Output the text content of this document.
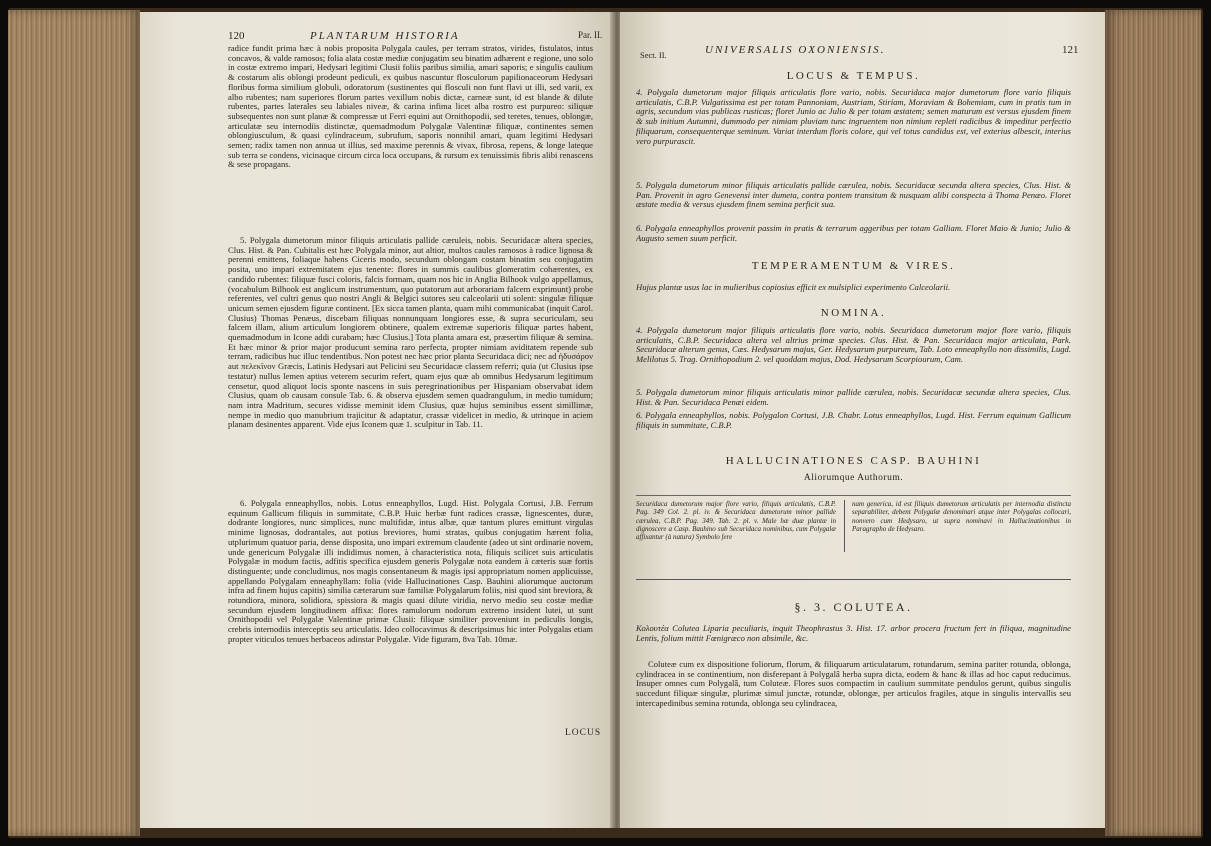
120	PLANTARUM HISTORIA	Par. II.
radice fundit prima hæc à nobis proposita Polygala caules, per terram stratos, virides, fistulatos, intus concavos, & valde ramosos; folia alata costæ mediæ conjugatim seu binatim adhærent e regione, uno solo in costæ extremo impari, Hedysari legitimi Clusii foliis paribus similia, amari saporis; e singulis caulium & costarum alis oblongi prodeunt pediculi, ex quibus nascuntur flosculorum papilionaceorum Hedysari floribus forma similium globuli, odoratorum (sustinentes qui flosculi non funt flavi ut illi, sed varii, ex albo rubentes; nam superiores florum partes vexillum nobis dictæ, carneæ sunt, id est blande & dilute rubentes, partes laterales seu labiales niveæ, & carina infima licet alba rostro est purpureo: siliquæ subsequentes non sunt planæ & compressæ ut Ferri equini aut Ornithopodii, sed teretes, tenues, oblongæ, articulatæ seu internodiis distinctæ, quemadmodum Polygalæ Valentinæ filiquæ, continentes semen oblongiusculum, & quasi cylindraceum, subrufum, saporis nonnihil amari, quam legitimi Hedysari semen; radix tamen non annua ut illius, sed maxime perennis & vivax, fibrosa, repens, & longe lateque sub terra se condens, vicinaque circum circa loca occupans, & rursum ex tenuissimis fibris alibi renascens & sese propagans.
5. Polygala dumetorum minor filiquis articulatis pallide cæruleis, nobis. Securidacæ altera species, Clus. Hist. & Pan. Cubitalis est hæc Polygala minor, aut altior, multos caules ramosos à radice lignosa & perenni emittens, foliaque habens Ciceris modo, secundum oblongam costam binatim seu conjugatim posita, uno impari extremitatem ejus tenente: flores in summis caulibus glomeratim cohærentes, ex candido rubentes: filiquæ fusci coloris, falcis formam, quam nos hic in Anglia Bilhook vulgo appellamus, (vocabulum Bilhook est anglicum instrumentum, quo putatorum aut arborariam falcem exprimunt) probe referentes, vel cultri genus quo nostri Angli & Belgici sutores seu calceolarii uti solent: singulæ filiquæ unicum semen ejusdem figuræ continent. [Ex sicca tamen planta, quam mihi communicabat (inquit Carol. Clusius) Thomas Penæus, discebam filiquas nonnunquam longiores esse, & supra securiculam, seu falcem illam, alium articulum longiorem obtinere, qualem extremæ superioris filiquæ partes habent, quemadmodum in Icone addi curabam; hæc Clusius.] Tota planta amara est, præsertim filiquæ & semina. Et hæc minor & prior major producunt semina raro perfecta, propter nimiam aviditatem repende sub terram, radicibus huc illuc tendentibus. Non potest nec hæc prior planta Securidaca dici; nec ad ἡδυσάρον aut πελεκῖνον Græcis, Latinis Hedysari aut Pelicini seu Securidacæ classem referri; quia (ut Clusius ipse testatur) nullus lemen aptius veterem securim refert, quam ejus quæ ab omnibus Hedysarum legitimum censetur, quod aliquot locis sponte nascens in suis peregrinationibus per Hispaniam observabat idem Clusius, quam ob causam consule Tab. 6. & observa ejusdem semen quadrangulum, in medio tumidum; nam intra Madritum, secures vidisse meminit idem Clusius, quæ hujus seminibus essent simillimæ, nempe in medio quo manubrium trajicitur & adaptatur, crassæ videlicet in medio, & utrinque in aciem planam desinentes apparent. Vide ejus Iconem quæ 1. sculpitur in Tab. 11.
6. Polygala enneaphyllos, nobis. Lotus enneaphyllos, Lugd. Hist. Polygala Cortusi, J.B. Ferrum equinum Gallicum filiquis in summitate, C.B.P. Huic herbæ funt radices crassæ, lignescentes, duræ, dodrante longiores, nunc simplices, nunc multifidæ, intus albæ, quæ tantum plures emittunt virgulas minime lignosas, dodrantales, aut potius breviores, humi stratas, quibus conjugatim hærent folia, utplurimum quatuor paria, dense disposita, uno impari extremum claudente (adeo ut sint ordinarie novem, unde genericum Polygalæ illi indidimus nomen, à characteristica nota, filiquis scilicet suis articulatis Polygalæ in modum factis, adfitis specifica ejusdem generis Polygalæ nota eandem à cæteris suæ fortis distinguente; unde concludimus, nos magis consentaneum & magis ipsi appropriatum nomen applicuisse, appellando Polygalam enneaphyllam: folia (vide Hallucinationes Casp. Bauhini aliorumque auctorum infra ad finem hujus capitis) similia cæterarum suæ familiæ Polygalarum foliis, nisi quod sint breviora, & rotundiora, minora, solidiora, spissiora & magis quasi dilute viridia, nervo medio seu costæ mediæ secundum ejusdem longitudinem affixa: flores ramulorum nodorum extremo insident lutei, ut sunt Ornithopodii vel Polygalæ Valentinæ primæ Clusii: filiquæ similiter proveniunt in pediculis longis, crebris internodiis interceptis seu articulatis. Ideo collocavimus & descripsimus hic inter Polygalas etiam propter viticulos tenues herbaceos adinstar Polygalæ. Vide figuram, 8va Tab. 10mæ.
LOCUS
Sect. II.	UNIVERSALIS OXONIENSIS.	121
LOCUS & TEMPUS.
4. Polygala dumetorum major filiquis articulatis flore vario, nobis. Securidaca major dumetorum flore vario filiquis articulatis, C.B.P. Vulgatissima est per totam Pannoniam, Austriam, Stiriam, Moraviam & Bohemiam, cum in pratis tum in agris, secundum vias publicas rusticas; floret Junio ac Julio & per totam æstatem; semen maturum est versus ejusdem finem & sub initium Autumni, dummodo per nimiam pluviam tunc ingruentem non nimium repleti radicibus & impeditur perfectio filiquarum, consequenterque seminum. Variat interdum floris colore, qui vel totus candidus est, vel exterius albescit, interius vero purpurascit.
5. Polygala dumetorum minor filiquis articulatis pallide cærulea, nobis. Securidacæ secunda altera species, Clus. Hist. & Pan. Provenit in agro Genevensi inter dumeta, contra pontem transitum & nusquam alibi conspecta à Thoma Penæo. Floret æstate media & versus ejusdem finem semina perficit sua.
6. Polygala enneaphyllos provenit passim in pratis & terrarum aggeribus per totam Galliam. Floret Maio & Junio; Julio & Augusto semen suum perficit.
TEMPERAMENTUM & VIRES.
Hujus plantæ usus lac in mulieribus copiosius efficit ex mulsiplici experimento Calceolarii.
NOMINA.
4. Polygala dumetorum major filiquis articulatis flore vario, nobis. Securidaca dumetorum major flore vario, filiquis articulatis, C.B.P. Securidaca altera vel altrius primæ species. Clus. Hist. & Pan. Securidaca major articulata, Park. Securidacæ alterum genus, Cæs. Hedysarum majus, Ger. Hedysarum purpureum, Tab. Loto enneaphyllo non dissimilis, Lugd. Melilotus 5. Trag. Ornithopodium 2. vel quoddam majus, Dod. Hedysarum Scorpiourum, Cam.
5. Polygala dumetorum minor filiquis articulatis minor pallide cærulea, nobis. Securidacæ secundæ altera species, Clus. Hist. & Pan. Securidaca Penæi eidem.
6. Polygala enneaphyllos, nobis. Polygalon Cortusi, J.B. Chabr. Lotus enneaphyllos, Lugd. Hist. Ferrum equinum Gallicum filiquis in summitate, C.B.P.
HALLUCINATIONES CASP. BAUHINI
Aliorumque Authorum.
Securidaca dumetorum major flore vario, filiquis articulatis, C.B.P. Pag. 349 Col. 2. pl. iv. & Securidaca dumetorum minor pallide cærulea, C.B.P. Pag. 349. Tab. 2. pl. v. Male hæ duæ plantæ in dignoscere a Casp. Bauhino sub Securidaca nominibus, cum Polygalæ affixantur (à natura) Symbolo fere
nam generica, id est filiquis dumetorum articulatis per internodia distincta separabiliter, debent Polygalæ denominari atque inter Polygalas collocari, nonvero cum Hedysaro, ut supra nominavi in Hallucinationibus in Paragrapho de Hedysaro.
§. 3. COLUTEA.
Κολουτέα Colutea Liparia peculiaris, inquit Theophrastus 3. Hist. 17. arbor procera fructum fert in filiqua, magnitudine Lentis, folium mittit Fœnigræco non absimile, &c.
Coluteæ cum ex dispositione foliorum, florum, & filiquarum articulatarum, rotundarum, semina pariter rotunda, oblonga, cylindracea in se continentium, non disferepant à Polygalâ herba supra dicta, eodem & hanc & illas ad hoc caput reducimus. Insuper omnes cum Polygalâ, tum Coluteæ. Flores suos compactim in caulium summitate pendulos gerunt, quibus singulis succedunt filiquæ singulæ, plurimæ simul junctæ, rotundæ, oblongæ, per articulos fragiles, atque in singulis intervallis seu intercapedinibus semina rotunda, oblonga seu cylindracea,
